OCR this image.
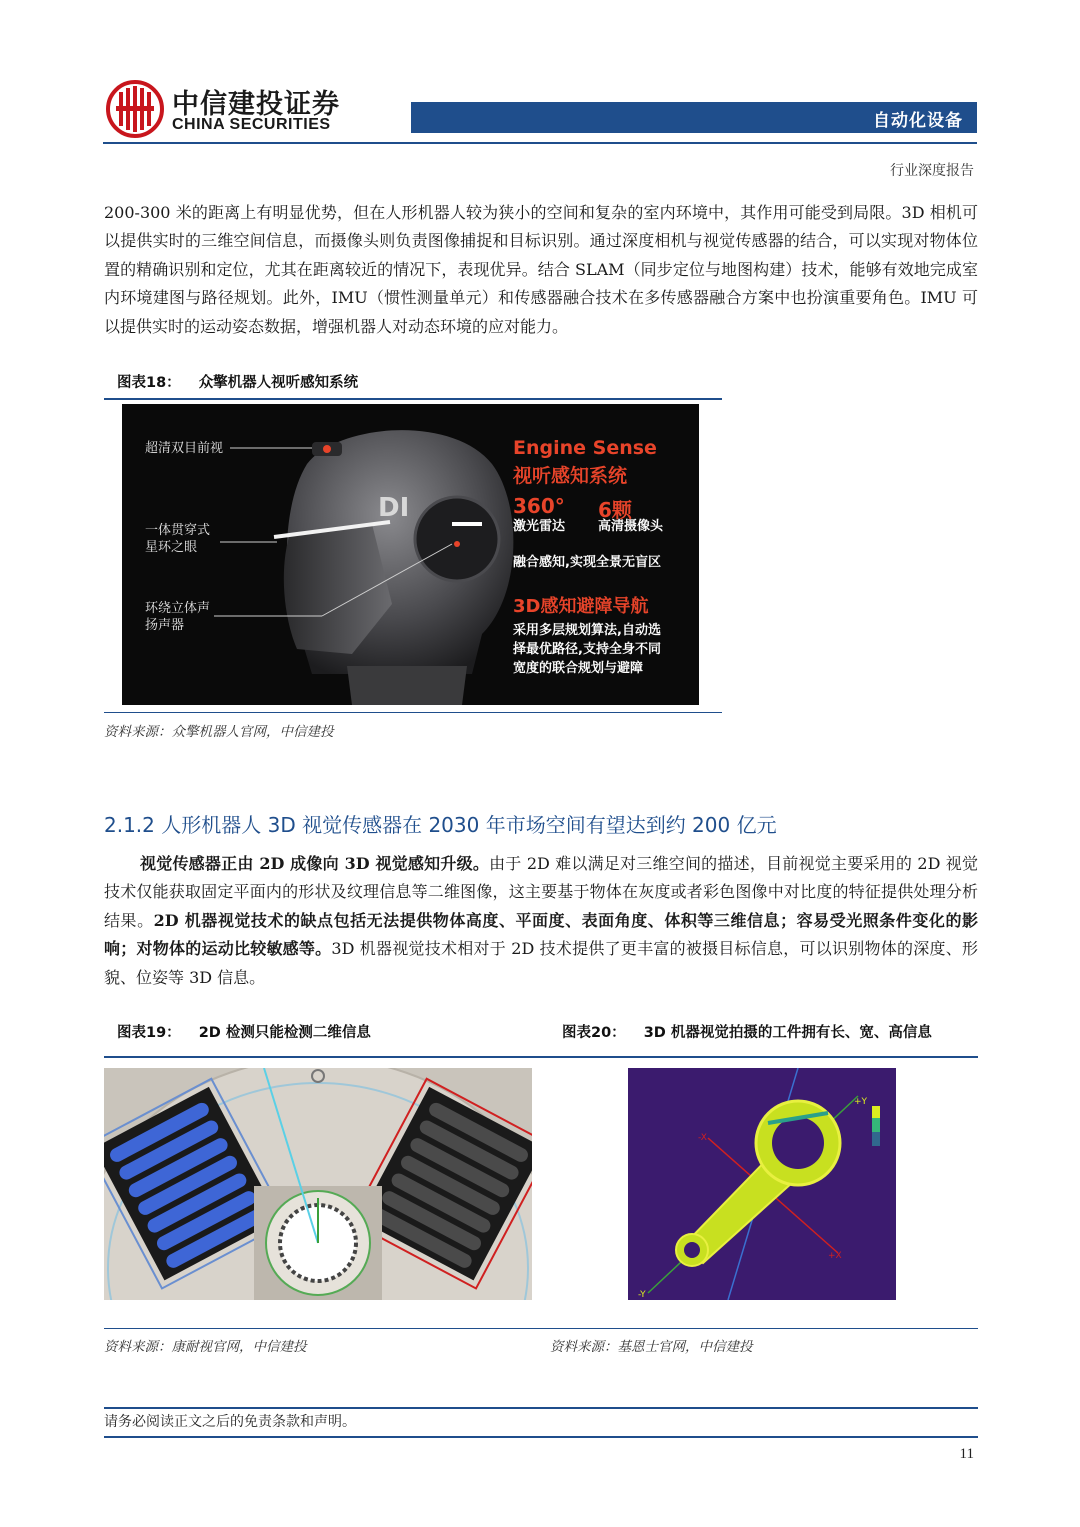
中信建投证券
CHINA SECURITIES	自动化设备
行业深度报告

200-300 米的距离上有明显优势，但在人形机器人较为狭小的空间和复杂的室内环境中，其作用可能受到局限。3D 相机可以提供实时的三维空间信息，而摄像头则负责图像捕捉和目标识别。通过深度相机与视觉传感器的结合，可以实现对物体位置的精确识别和定位，尤其在距离较近的情况下，表现优异。结合 SLAM（同步定位与地图构建）技术，能够有效地完成室内环境建图与路径规划。此外，IMU（惯性测量单元）和传感器融合技术在多传感器融合方案中也扮演重要角色。IMU 可以提供实时的运动姿态数据，增强机器人对动态环境的应对能力。

图表18： 众擎机器人视听感知系统
DI
超清双目前视
一体贯穿式
星环之眼
环绕立体声
扬声器
Engine Sense
视听感知系统
360°
激光雷达
6颗
高清摄像头
融合感知,实现全景无盲区
3D感知避障导航
采用多层规划算法,自动选
择最优路径,支持全身不同
宽度的联合规划与避障
资料来源：众擎机器人官网，中信建投
2.1.2 人形机器人 3D 视觉传感器在 2030 年市场空间有望达到约 200 亿元

视觉传感器正由 2D 成像向 3D 视觉感知升级。由于 2D 难以满足对三维空间的描述，目前视觉主要采用的 2D 视觉技术仅能获取固定平面内的形状及纹理信息等二维图像，这主要基于物体在灰度或者彩色图像中对比度的特征提供处理分析结果。2D 机器视觉技术的缺点包括无法提供物体高度、平面度、表面角度、体积等三维信息；容易受光照条件变化的影响；对物体的运动比较敏感等。3D 机器视觉技术相对于 2D 技术提供了更丰富的被摄目标信息，可以识别物体的深度、形貌、位姿等 3D 信息。

图表19： 2D 检测只能检测二维信息	图表20： 3D 机器视觉拍摄的工件拥有长、宽、高信息
+Y
-Y
+X
-X
资料来源：康耐视官网，中信建投	资料来源：基恩士官网，中信建投
请务必阅读正文之后的免责条款和声明。
11
